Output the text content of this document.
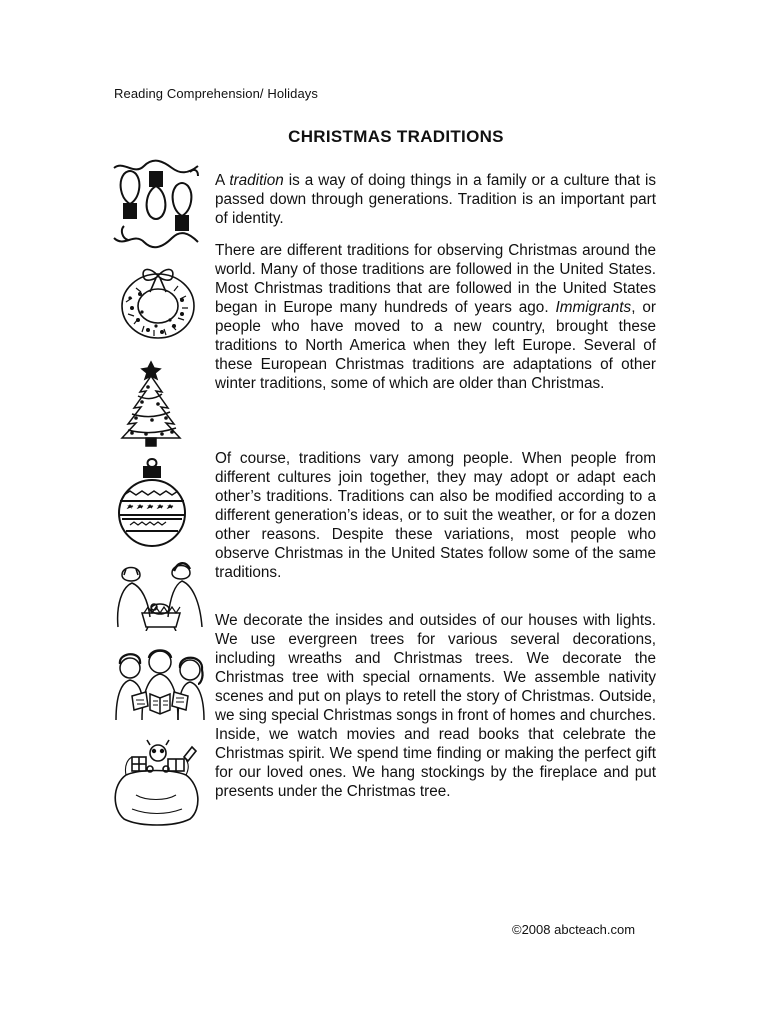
Reading Comprehension/ Holidays
CHRISTMAS TRADITIONS

A tradition is a way of doing things in a family or a culture that is passed down through generations. Tradition is an important part of identity.

There are different traditions for observing Christmas around the world. Many of those traditions are followed in the United States. Most Christmas traditions that are followed in the United States began in Europe many hundreds of years ago. Immigrants, or people who have moved to a new country, brought these traditions to North America when they left Europe. Several of these European Christmas traditions are adaptations of other winter traditions, some of which are older than Christmas.

Of course, traditions vary among people. When people from different cultures join together, they may adopt or adapt each other’s traditions. Traditions can also be modified according to a different generation’s ideas, or to suit the weather, or for a dozen other reasons. Despite these variations, most people who observe Christmas in the United States follow some of the same traditions.

We decorate the insides and outsides of our houses with lights. We use evergreen trees for various several decorations, including wreaths and Christmas trees. We decorate the Christmas tree with special ornaments. We assemble nativity scenes and put on plays to retell the story of Christmas. Outside, we sing special Christmas songs in front of homes and churches. Inside, we watch movies and read books that celebrate the Christmas spirit. We spend time finding or making the perfect gift for our loved ones. We hang stockings by the fireplace and put presents under the Christmas tree.

©2008 abcteach.com
